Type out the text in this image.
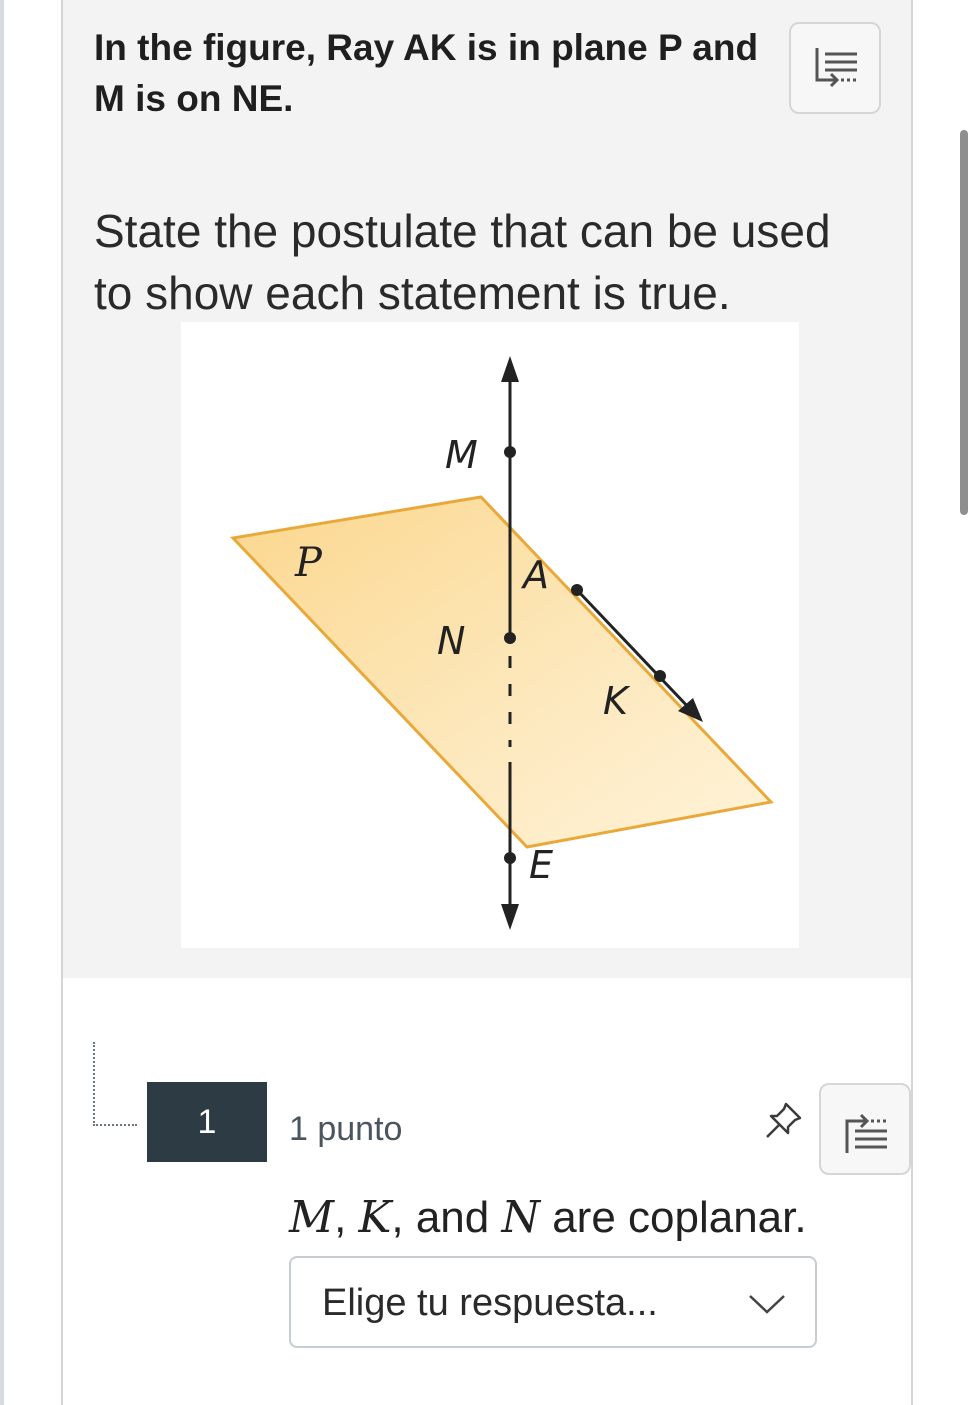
In the figure, Ray AK is in plane P and M is on NE.
State the postulate that can be used to show each statement is true.
P
M
A
N
K
E
1	1 punto
M, K, and N are coplanar.
Elige tu respuesta...
